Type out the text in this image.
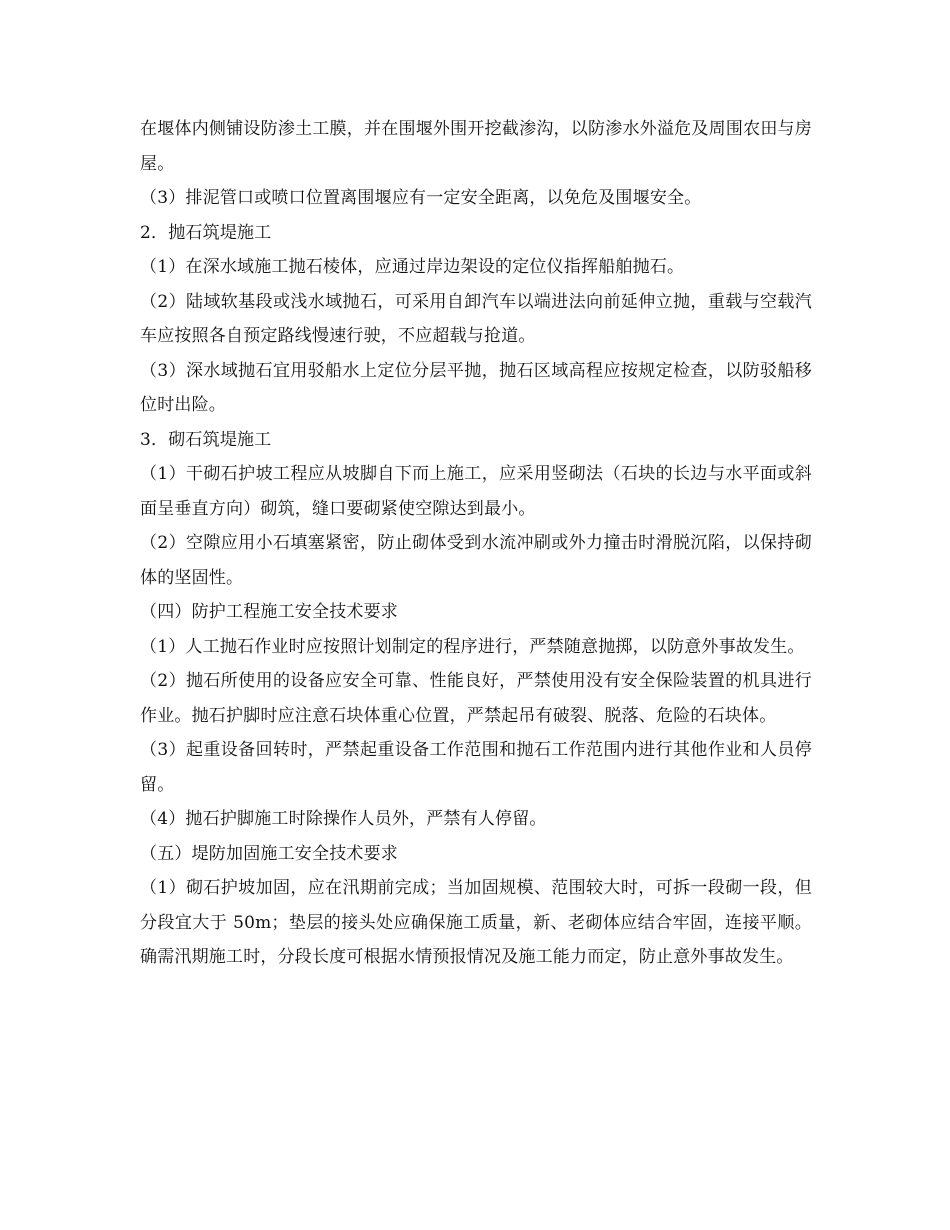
在堰体内侧铺设防渗土工膜，并在围堰外围开挖截渗沟，以防渗水外溢危及周围农田与房屋。

（3）排泥管口或喷口位置离围堰应有一定安全距离，以免危及围堰安全。

2．抛石筑堤施工

（1）在深水域施工抛石棱体，应通过岸边架设的定位仪指挥船舶抛石。

（2）陆域软基段或浅水域抛石，可采用自卸汽车以端进法向前延伸立抛，重载与空载汽车应按照各自预定路线慢速行驶，不应超载与抢道。

（3）深水域抛石宜用驳船水上定位分层平抛，抛石区域高程应按规定检查，以防驳船移位时出险。

3．砌石筑堤施工

（1）干砌石护坡工程应从坡脚自下而上施工，应采用竖砌法（石块的长边与水平面或斜面呈垂直方向）砌筑，缝口要砌紧使空隙达到最小。

（2）空隙应用小石填塞紧密，防止砌体受到水流冲刷或外力撞击时滑脱沉陷，以保持砌体的坚固性。

（四）防护工程施工安全技术要求

（1）人工抛石作业时应按照计划制定的程序进行，严禁随意抛掷，以防意外事故发生。

（2）抛石所使用的设备应安全可靠、性能良好，严禁使用没有安全保险装置的机具进行作业。抛石护脚时应注意石块体重心位置，严禁起吊有破裂、脱落、危险的石块体。

（3）起重设备回转时，严禁起重设备工作范围和抛石工作范围内进行其他作业和人员停留。

（4）抛石护脚施工时除操作人员外，严禁有人停留。

（五）堤防加固施工安全技术要求

（1）砌石护坡加固，应在汛期前完成；当加固规模、范围较大时，可拆一段砌一段，但分段宜大于 50m；垫层的接头处应确保施工质量，新、老砌体应结合牢固，连接平顺。确需汛期施工时，分段长度可根据水情预报情况及施工能力而定，防止意外事故发生。
